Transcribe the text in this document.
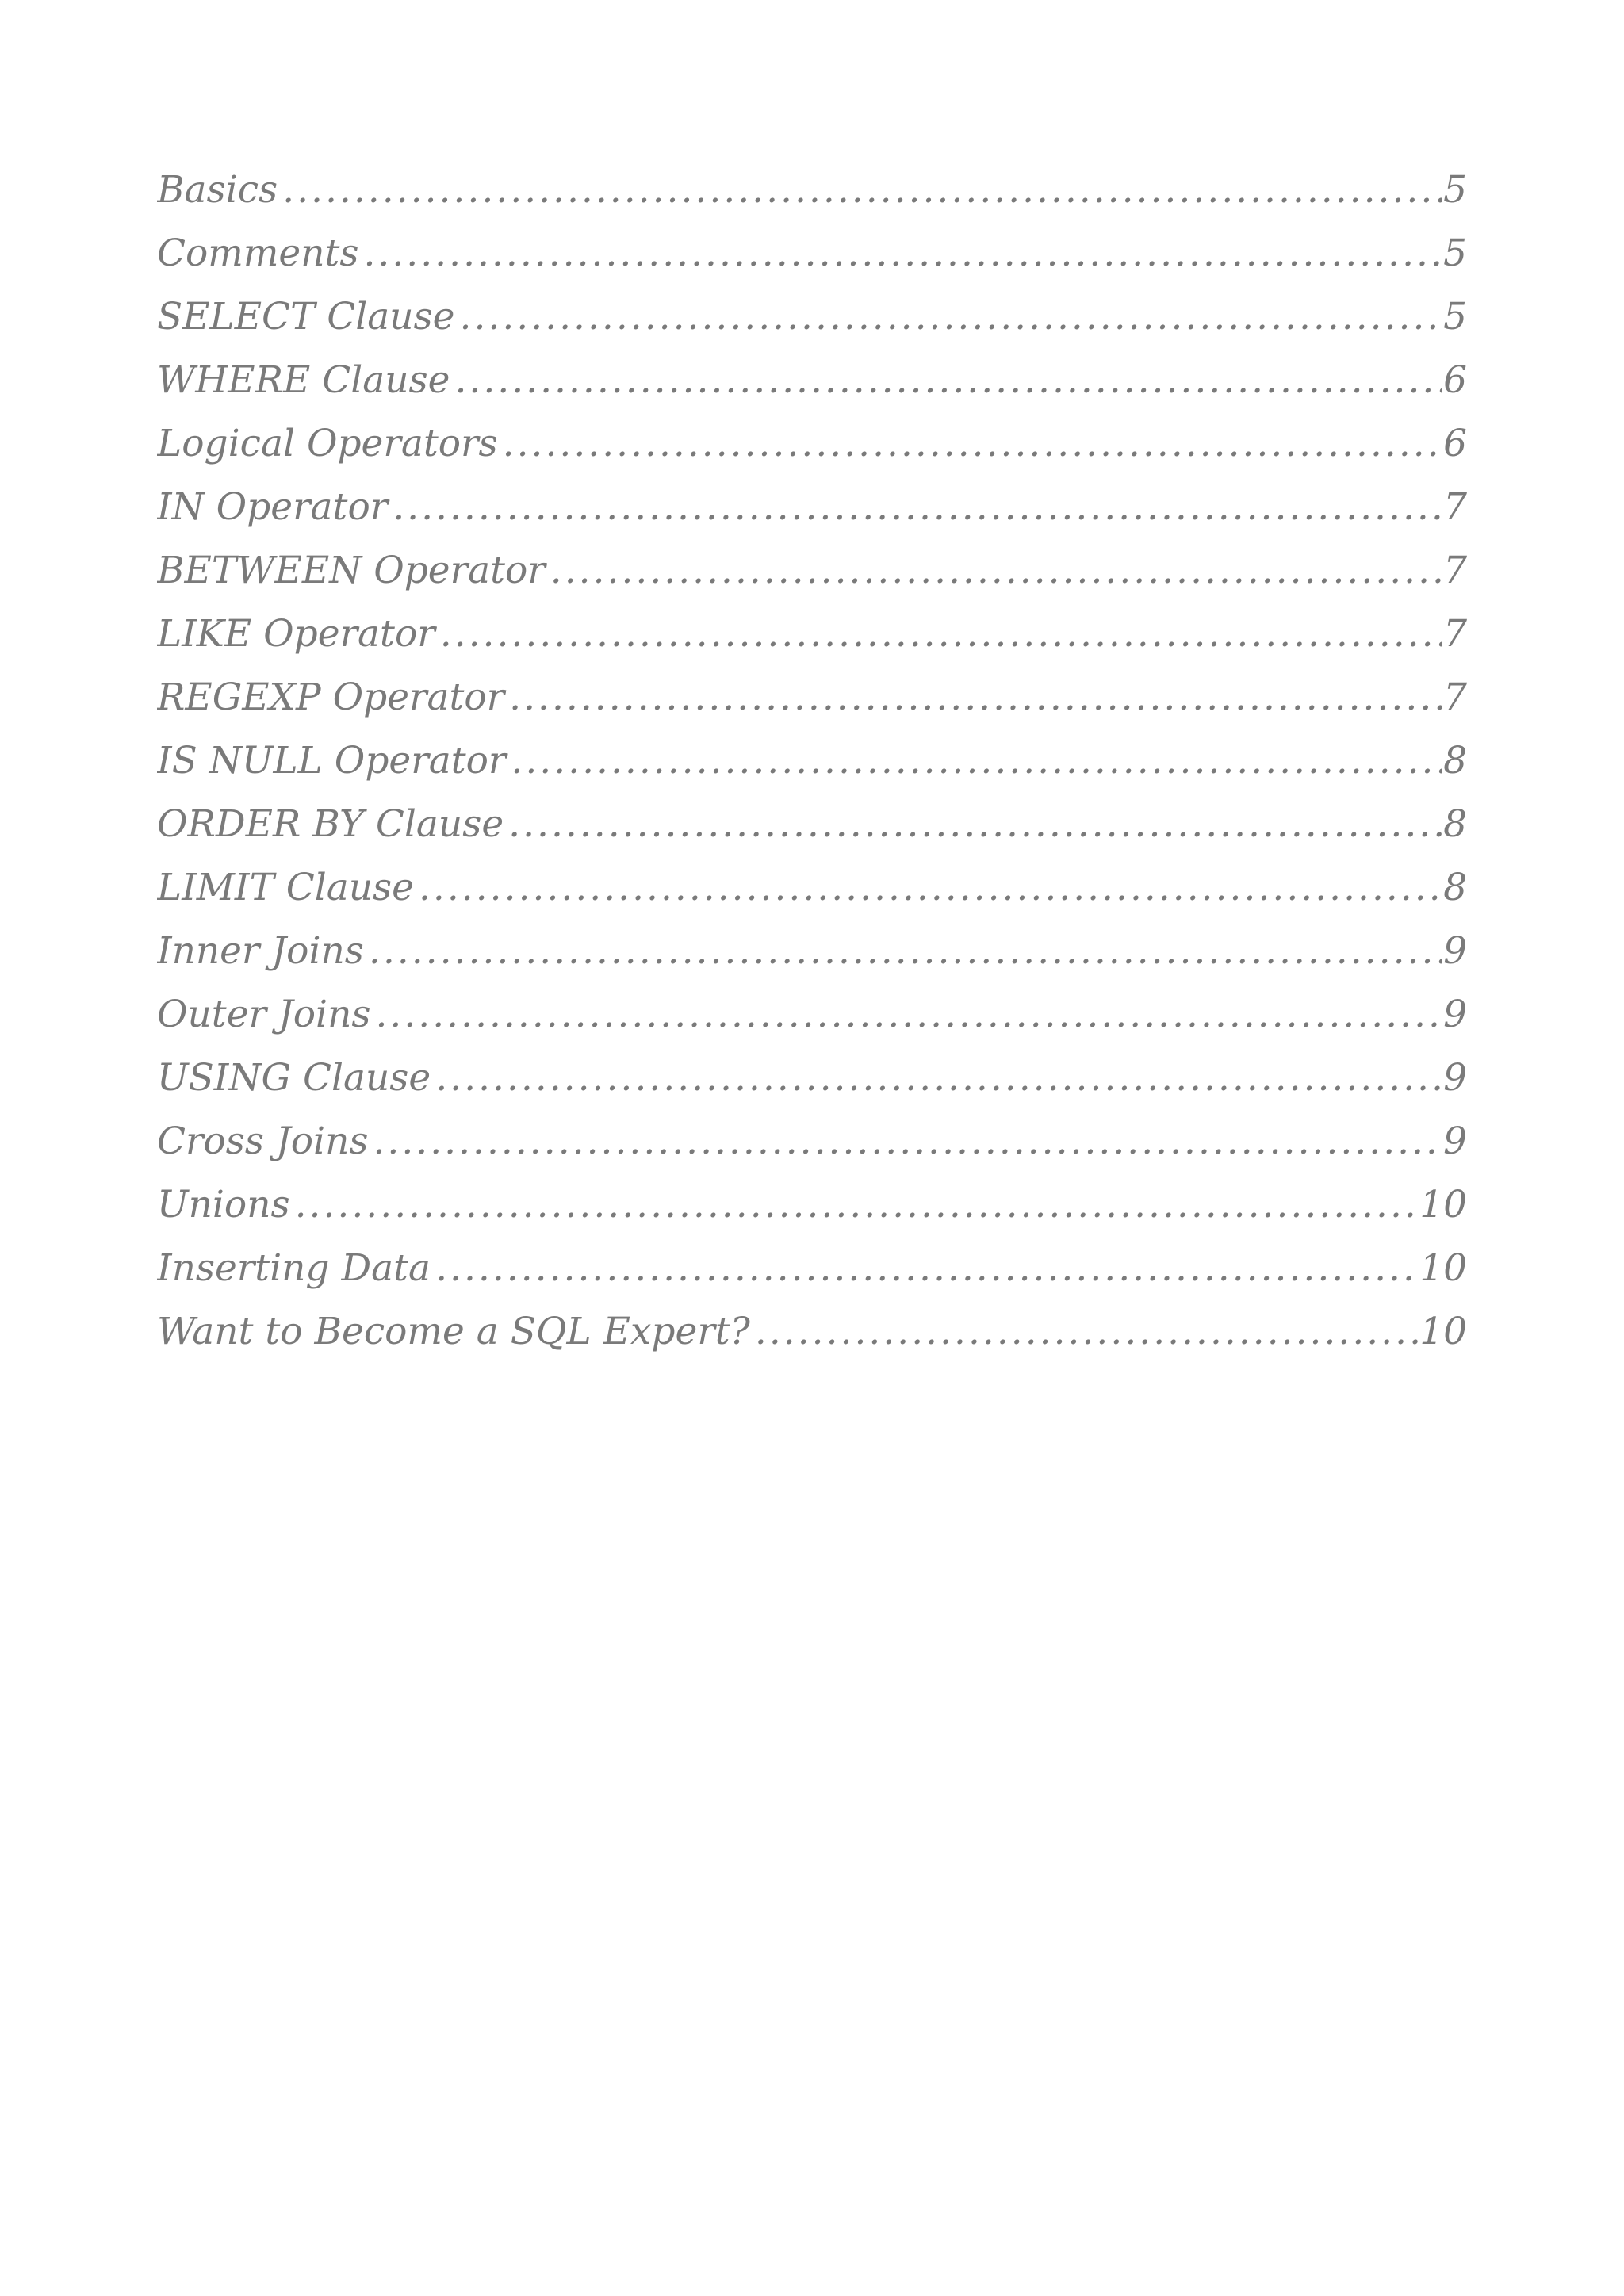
Basics .....	5
Comments .....	5
SELECT Clause .....	5
WHERE Clause .....	6
Logical Operators .....	6
IN Operator .....	7
BETWEEN Operator .....	7
LIKE Operator .....	7
REGEXP Operator .....	7
IS NULL Operator .....	8
ORDER BY Clause .....	8
LIMIT Clause .....	8
Inner Joins .....	9
Outer Joins .....	9
USING Clause .....	9
Cross Joins .....	9
Unions .....	10
Inserting Data .....	10
Want to Become a SQL Expert? .....	10
